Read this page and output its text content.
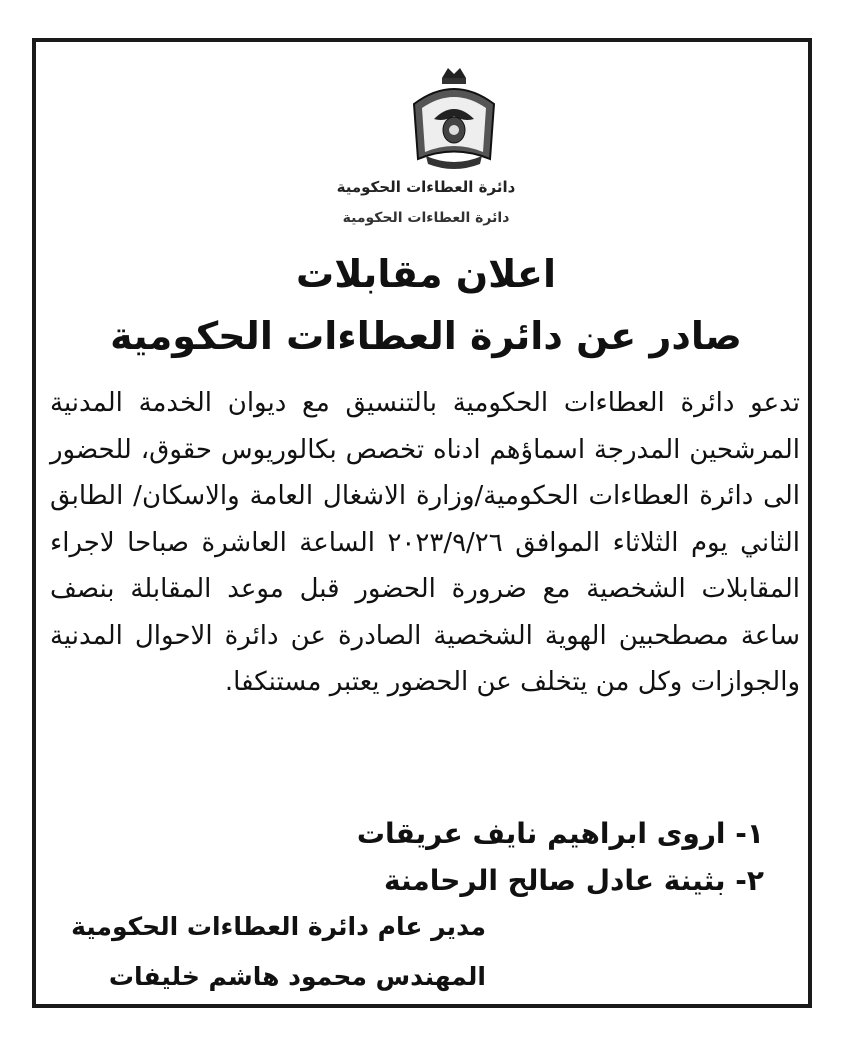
دائرة العطاءات الحكومية
دائرة العطاءات الحكومية
اعلان مقابلات
صادر عن دائرة العطاءات الحكومية
تدعو دائرة العطاءات الحكومية بالتنسيق مع ديوان الخدمة المدنية المرشحين المدرجة اسماؤهم ادناه تخصص بكالوريوس حقوق، للحضور الى دائرة العطاءات الحكومية/وزارة الاشغال العامة والاسكان/ الطابق الثاني يوم الثلاثاء الموافق ٢٠٢٣/٩/٢٦ الساعة العاشرة صباحا لاجراء المقابلات الشخصية مع ضرورة الحضور قبل موعد المقابلة بنصف ساعة مصطحبين الهوية الشخصية الصادرة عن دائرة الاحوال المدنية والجوازات وكل من يتخلف عن الحضور يعتبر مستنكفا.
١- اروى ابراهيم نايف عريقات
٢- بثينة عادل صالح الرحامنة
مدير عام دائرة العطاءات الحكومية
المهندس محمود هاشم خليفات
